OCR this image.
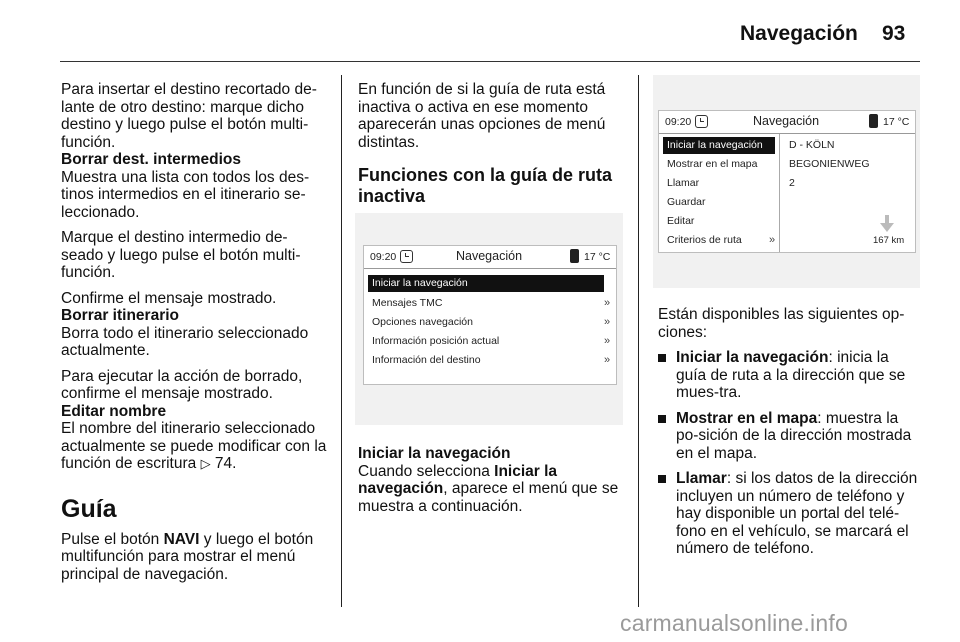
Navegación 93

Para insertar el destino recortado de-lante de otro destino: marque dicho destino y luego pulse el botón multi-función.

Borrar dest. intermedios

Muestra una lista con todos los des-tinos intermedios en el itinerario se-leccionado.

Marque el destino intermedio de-seado y luego pulse el botón multi-función.

Confirme el mensaje mostrado.

Borrar itinerario

Borra todo el itinerario seleccionado actualmente.

Para ejecutar la acción de borrado, confirme el mensaje mostrado.

Editar nombre

El nombre del itinerario seleccionado actualmente se puede modificar con la función de escritura ▷ 74.

Guía

Pulse el botón NAVI y luego el botón multifunción para mostrar el menú principal de navegación.

En función de si la guía de ruta está inactiva o activa en ese momento aparecerán unas opciones de menú distintas.

Funciones con la guía de ruta inactiva

09:20	Navegación	17 °C
Iniciar la navegación
Mensajes TMC	»
Opciones navegación	»
Información posición actual	»
Información del destino	»

Iniciar la navegación

Cuando selecciona Iniciar la navegación, aparece el menú que se muestra a continuación.

09:20	Navegación	17 °C
Iniciar la navegación
Mostrar en el mapa
Llamar
Guardar
Editar
Criterios de ruta »
D - KÖLN
BEGONIENWEG
2
167 km

Están disponibles las siguientes op-ciones:

Iniciar la navegación: inicia la guía de ruta a la dirección que se mues-tra.

Mostrar en el mapa: muestra la po-sición de la dirección mostrada en el mapa.

Llamar: si los datos de la dirección incluyen un número de teléfono y hay disponible un portal del telé-fono en el vehículo, se marcará el número de teléfono.

carmanualsonline.info
